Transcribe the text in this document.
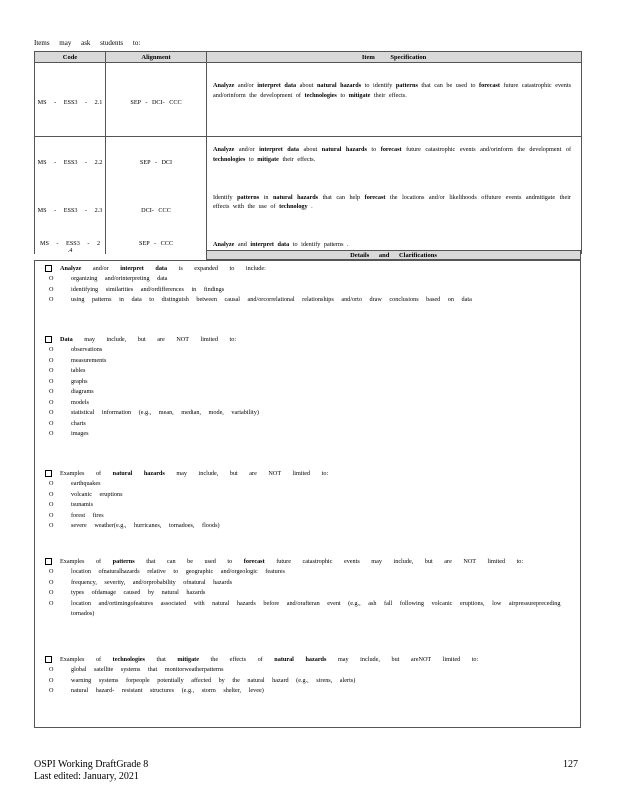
Items may ask students to:
Code	Alignment	Item Specification
MS - ESS3 - 2.1	SEP - DCI- CCC	Analyze and/or interpret data about natural hazards to identify patterns that can be used to forecast future catastrophic events and/orinform the development of technologies to mitigate their effects.
MS - ESS3 - 2.2	SEP - DCI	Analyze and/or interpret data about natural hazards to forecast future catastrophic events and/orinform the development of technologies to mitigate their effects.
MS - ESS3 - 2.3	DCI- CCC	Identify patterns in natural hazards that can help forecast the locations and/or likelihoods offuture events andmitigate their effects with the use of technology .
MS - ESS3 - 2 .4	SEP - CCC	Analyze and interpret data to identify patterns .
Details and Clarifications
Analyze and/or interpret data is expanded to include:
O	organizing and/orinterpreting data
O	identifying similarities and/ordifferences in findings
O	using patterns in data to distinguish between causal and/orcorrelational relationships and/orto draw conclusions based on data
Data may include, but are NOT limited to:
O	observations
O	measurements
O	tables
O	graphs
O	diagrams
O	models
O	statistical information (e.g., mean, median, mode, variability)
O	charts
O	images
Examples of natural hazards may include, but are NOT limited to:
O	earthquakes
O	volcanic eruptions
O	tsunamis
O	forest fires
O	severe weather(e.g., hurricanes, tornadoes, floods)
Examples of patterns that can be used to forecast future catastrophic events may include, but are NOT limited to:
O	location ofnaturalhazards relative to geographic and/orgeologic features
O	frequency, severity, and/orprobability ofnatural hazards
O	types ofdamage caused by natural hazards
O	location and/ortimingofeatures associated with natural hazards before and/orafteran event (e.g., ash fall following volcanic eruptions, low airpressurepreceding tornados)
Examples of technologies that mitigate the effects of natural hazards may include, but areNOT limited to:
O	global satellite systems that monitorweatherpatterns
O	warning systems forpeople potentially affected by the natural hazard (e.g., sirens, alerts)
O	natural hazard- resistant structures (e.g., storm shelter, levee)
OSPI Working DraftGrade 8
Last edited: January, 2021
127
